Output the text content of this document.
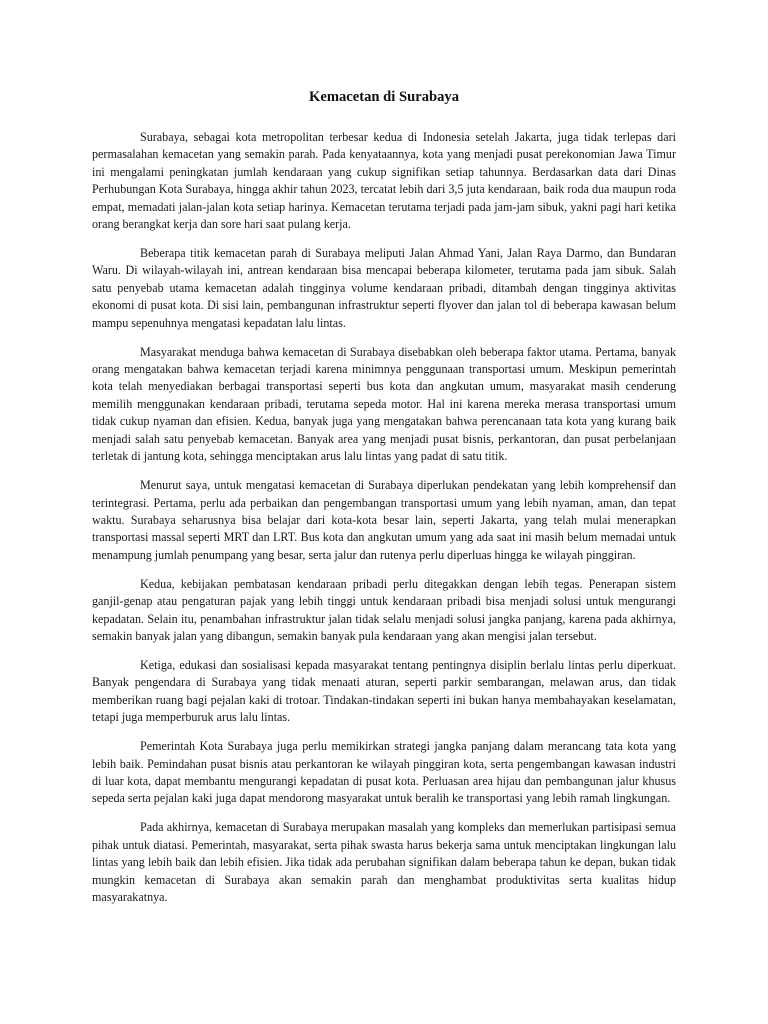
Kemacetan di Surabaya

Surabaya, sebagai kota metropolitan terbesar kedua di Indonesia setelah Jakarta, juga tidak terlepas dari permasalahan kemacetan yang semakin parah. Pada kenyataannya, kota yang menjadi pusat perekonomian Jawa Timur ini mengalami peningkatan jumlah kendaraan yang cukup signifikan setiap tahunnya. Berdasarkan data dari Dinas Perhubungan Kota Surabaya, hingga akhir tahun 2023, tercatat lebih dari 3,5 juta kendaraan, baik roda dua maupun roda empat, memadati jalan-jalan kota setiap harinya. Kemacetan terutama terjadi pada jam-jam sibuk, yakni pagi hari ketika orang berangkat kerja dan sore hari saat pulang kerja.

Beberapa titik kemacetan parah di Surabaya meliputi Jalan Ahmad Yani, Jalan Raya Darmo, dan Bundaran Waru. Di wilayah-wilayah ini, antrean kendaraan bisa mencapai beberapa kilometer, terutama pada jam sibuk. Salah satu penyebab utama kemacetan adalah tingginya volume kendaraan pribadi, ditambah dengan tingginya aktivitas ekonomi di pusat kota. Di sisi lain, pembangunan infrastruktur seperti flyover dan jalan tol di beberapa kawasan belum mampu sepenuhnya mengatasi kepadatan lalu lintas.

Masyarakat menduga bahwa kemacetan di Surabaya disebabkan oleh beberapa faktor utama. Pertama, banyak orang mengatakan bahwa kemacetan terjadi karena minimnya penggunaan transportasi umum. Meskipun pemerintah kota telah menyediakan berbagai transportasi seperti bus kota dan angkutan umum, masyarakat masih cenderung memilih menggunakan kendaraan pribadi, terutama sepeda motor. Hal ini karena mereka merasa transportasi umum tidak cukup nyaman dan efisien. Kedua, banyak juga yang mengatakan bahwa perencanaan tata kota yang kurang baik menjadi salah satu penyebab kemacetan. Banyak area yang menjadi pusat bisnis, perkantoran, dan pusat perbelanjaan terletak di jantung kota, sehingga menciptakan arus lalu lintas yang padat di satu titik.

Menurut saya, untuk mengatasi kemacetan di Surabaya diperlukan pendekatan yang lebih komprehensif dan terintegrasi. Pertama, perlu ada perbaikan dan pengembangan transportasi umum yang lebih nyaman, aman, dan tepat waktu. Surabaya seharusnya bisa belajar dari kota-kota besar lain, seperti Jakarta, yang telah mulai menerapkan transportasi massal seperti MRT dan LRT. Bus kota dan angkutan umum yang ada saat ini masih belum memadai untuk menampung jumlah penumpang yang besar, serta jalur dan rutenya perlu diperluas hingga ke wilayah pinggiran.

Kedua, kebijakan pembatasan kendaraan pribadi perlu ditegakkan dengan lebih tegas. Penerapan sistem ganjil-genap atau pengaturan pajak yang lebih tinggi untuk kendaraan pribadi bisa menjadi solusi untuk mengurangi kepadatan. Selain itu, penambahan infrastruktur jalan tidak selalu menjadi solusi jangka panjang, karena pada akhirnya, semakin banyak jalan yang dibangun, semakin banyak pula kendaraan yang akan mengisi jalan tersebut.

Ketiga, edukasi dan sosialisasi kepada masyarakat tentang pentingnya disiplin berlalu lintas perlu diperkuat. Banyak pengendara di Surabaya yang tidak menaati aturan, seperti parkir sembarangan, melawan arus, dan tidak memberikan ruang bagi pejalan kaki di trotoar. Tindakan-tindakan seperti ini bukan hanya membahayakan keselamatan, tetapi juga memperburuk arus lalu lintas.

Pemerintah Kota Surabaya juga perlu memikirkan strategi jangka panjang dalam merancang tata kota yang lebih baik. Pemindahan pusat bisnis atau perkantoran ke wilayah pinggiran kota, serta pengembangan kawasan industri di luar kota, dapat membantu mengurangi kepadatan di pusat kota. Perluasan area hijau dan pembangunan jalur khusus sepeda serta pejalan kaki juga dapat mendorong masyarakat untuk beralih ke transportasi yang lebih ramah lingkungan.

Pada akhirnya, kemacetan di Surabaya merupakan masalah yang kompleks dan memerlukan partisipasi semua pihak untuk diatasi. Pemerintah, masyarakat, serta pihak swasta harus bekerja sama untuk menciptakan lingkungan lalu lintas yang lebih baik dan lebih efisien. Jika tidak ada perubahan signifikan dalam beberapa tahun ke depan, bukan tidak mungkin kemacetan di Surabaya akan semakin parah dan menghambat produktivitas serta kualitas hidup masyarakatnya.
